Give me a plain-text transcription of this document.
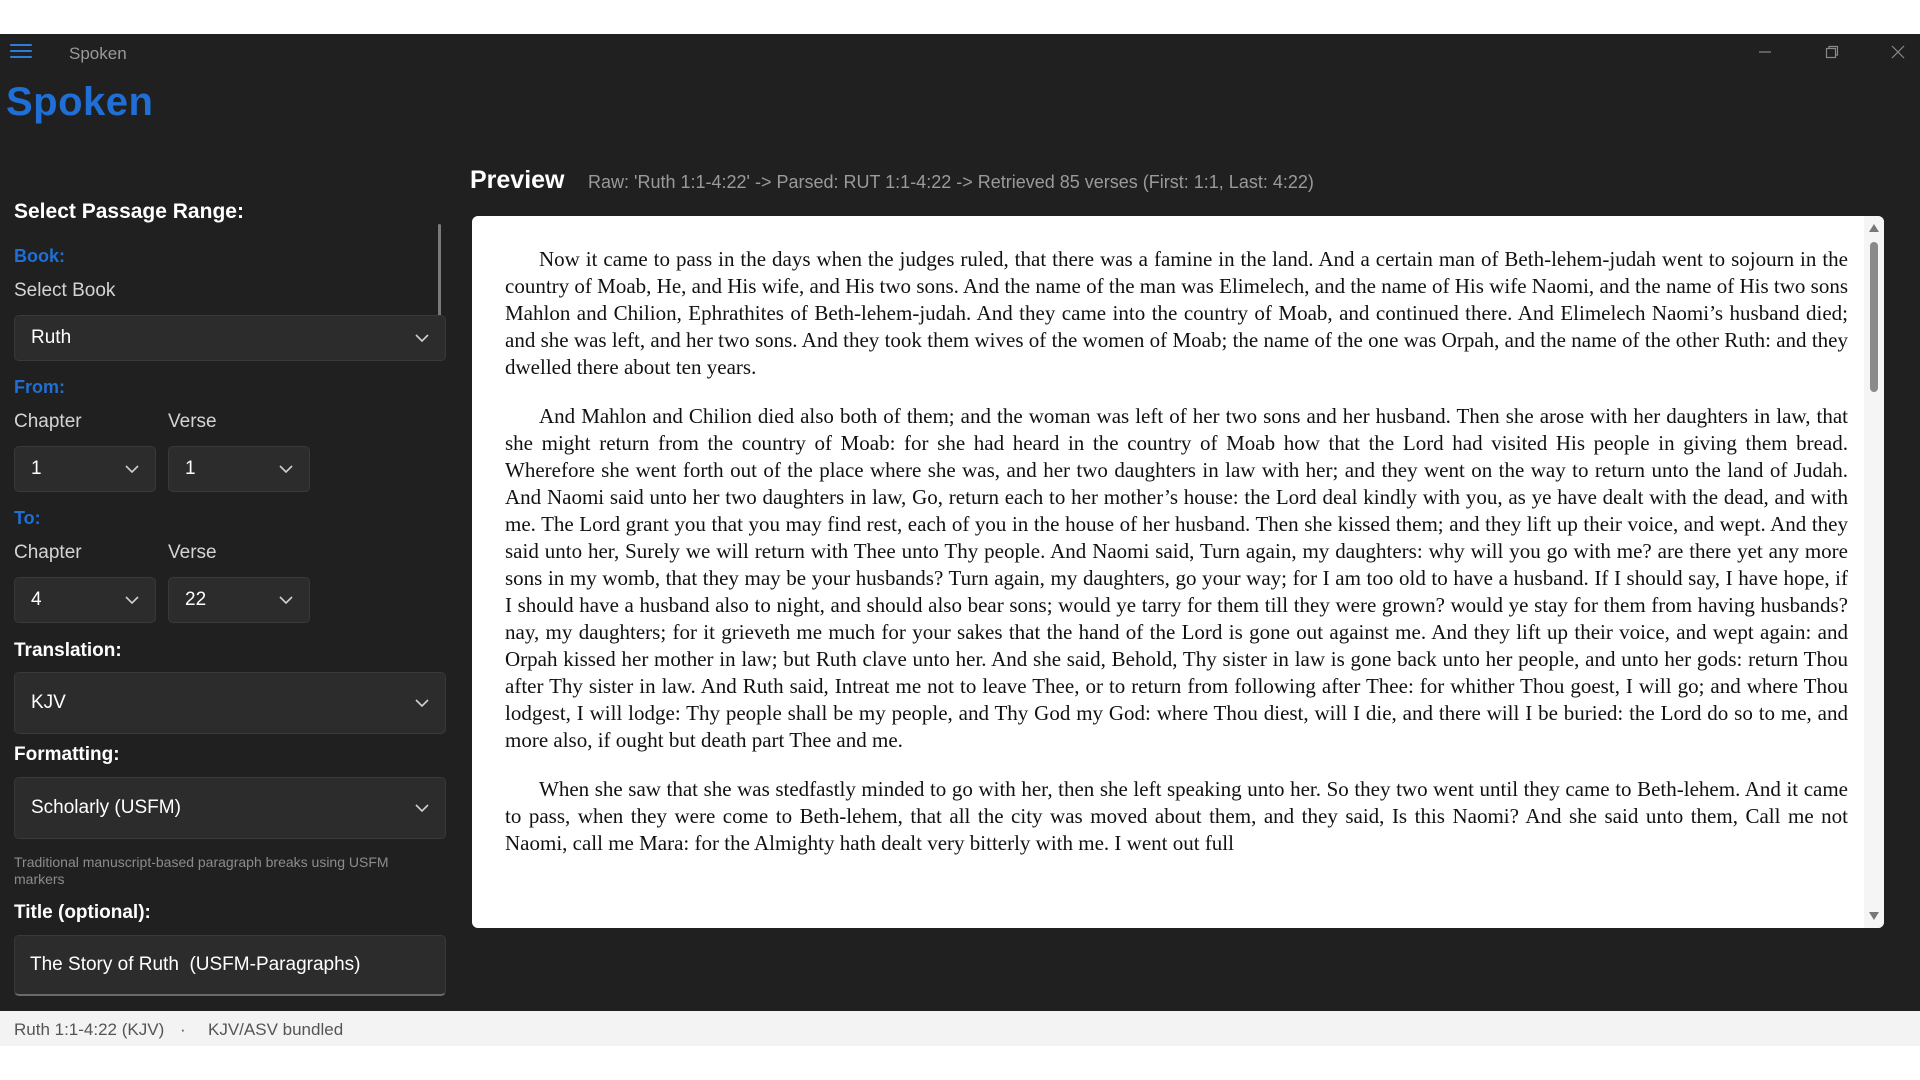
Spoken
Spoken
Select Passage Range:
Book:
Select Book
Ruth
From:
Chapter	Verse
1	1
To:
Chapter	Verse
4	22
Translation:
KJV
Formatting:
Scholarly (USFM)
Traditional manuscript-based paragraph breaks using USFM markers
Title (optional):
The Story of Ruth (USFM-Paragraphs)
Preview Raw: 'Ruth 1:1-4:22' -> Parsed: RUT 1:1-4:22 -> Retrieved 85 verses (First: 1:1, Last: 4:22)

Now it came to pass in the days when the judges ruled, that there was a famine in the land. And a certain man of Beth-lehem-judah went to sojourn in the country of Moab, He, and His wife, and His two sons. And the name of the man was Elimelech, and the name of His wife Naomi, and the name of His two sons Mahlon and Chilion, Ephrathites of Beth-lehem-judah. And they came into the country of Moab, and continued there. And Elimelech Naomi’s husband died; and she was left, and her two sons. And they took them wives of the women of Moab; the name of the one was Orpah, and the name of the other Ruth: and they dwelled there about ten years.

And Mahlon and Chilion died also both of them; and the woman was left of her two sons and her husband. Then she arose with her daughters in law, that she might return from the country of Moab: for she had heard in the country of Moab how that the Lord had visited His people in giving them bread. Wherefore she went forth out of the place where she was, and her two daughters in law with her; and they went on the way to return unto the land of Judah. And Naomi said unto her two daughters in law, Go, return each to her mother’s house: the Lord deal kindly with you, as ye have dealt with the dead, and with me. The Lord grant you that you may find rest, each of you in the house of her husband. Then she kissed them; and they lift up their voice, and wept. And they said unto her, Surely we will return with Thee unto Thy people. And Naomi said, Turn again, my daughters: why will you go with me? are there yet any more sons in my womb, that they may be your husbands? Turn again, my daughters, go your way; for I am too old to have a husband. If I should say, I have hope, if I should have a husband also to night, and should also bear sons; would ye tarry for them till they were grown? would ye stay for them from having husbands? nay, my daughters; for it grieveth me much for your sakes that the hand of the Lord is gone out against me. And they lift up their voice, and wept again: and Orpah kissed her mother in law; but Ruth clave unto her. And she said, Behold, Thy sister in law is gone back unto her people, and unto her gods: return Thou after Thy sister in law. And Ruth said, Intreat me not to leave Thee, or to return from following after Thee: for whither Thou goest, I will go; and where Thou lodgest, I will lodge: Thy people shall be my people, and Thy God my God: where Thou diest, will I die, and there will I be buried: the Lord do so to me, and more also, if ought but death part Thee and me.

When she saw that she was stedfastly minded to go with her, then she left speaking unto her. So they two went until they came to Beth-lehem. And it came to pass, when they were come to Beth-lehem, that all the city was moved about them, and they said, Is this Naomi? And she said unto them, Call me not Naomi, call me Mara: for the Almighty hath dealt very bitterly with me. I went out full

Ruth 1:1-4:22 (KJV) · KJV/ASV bundled
